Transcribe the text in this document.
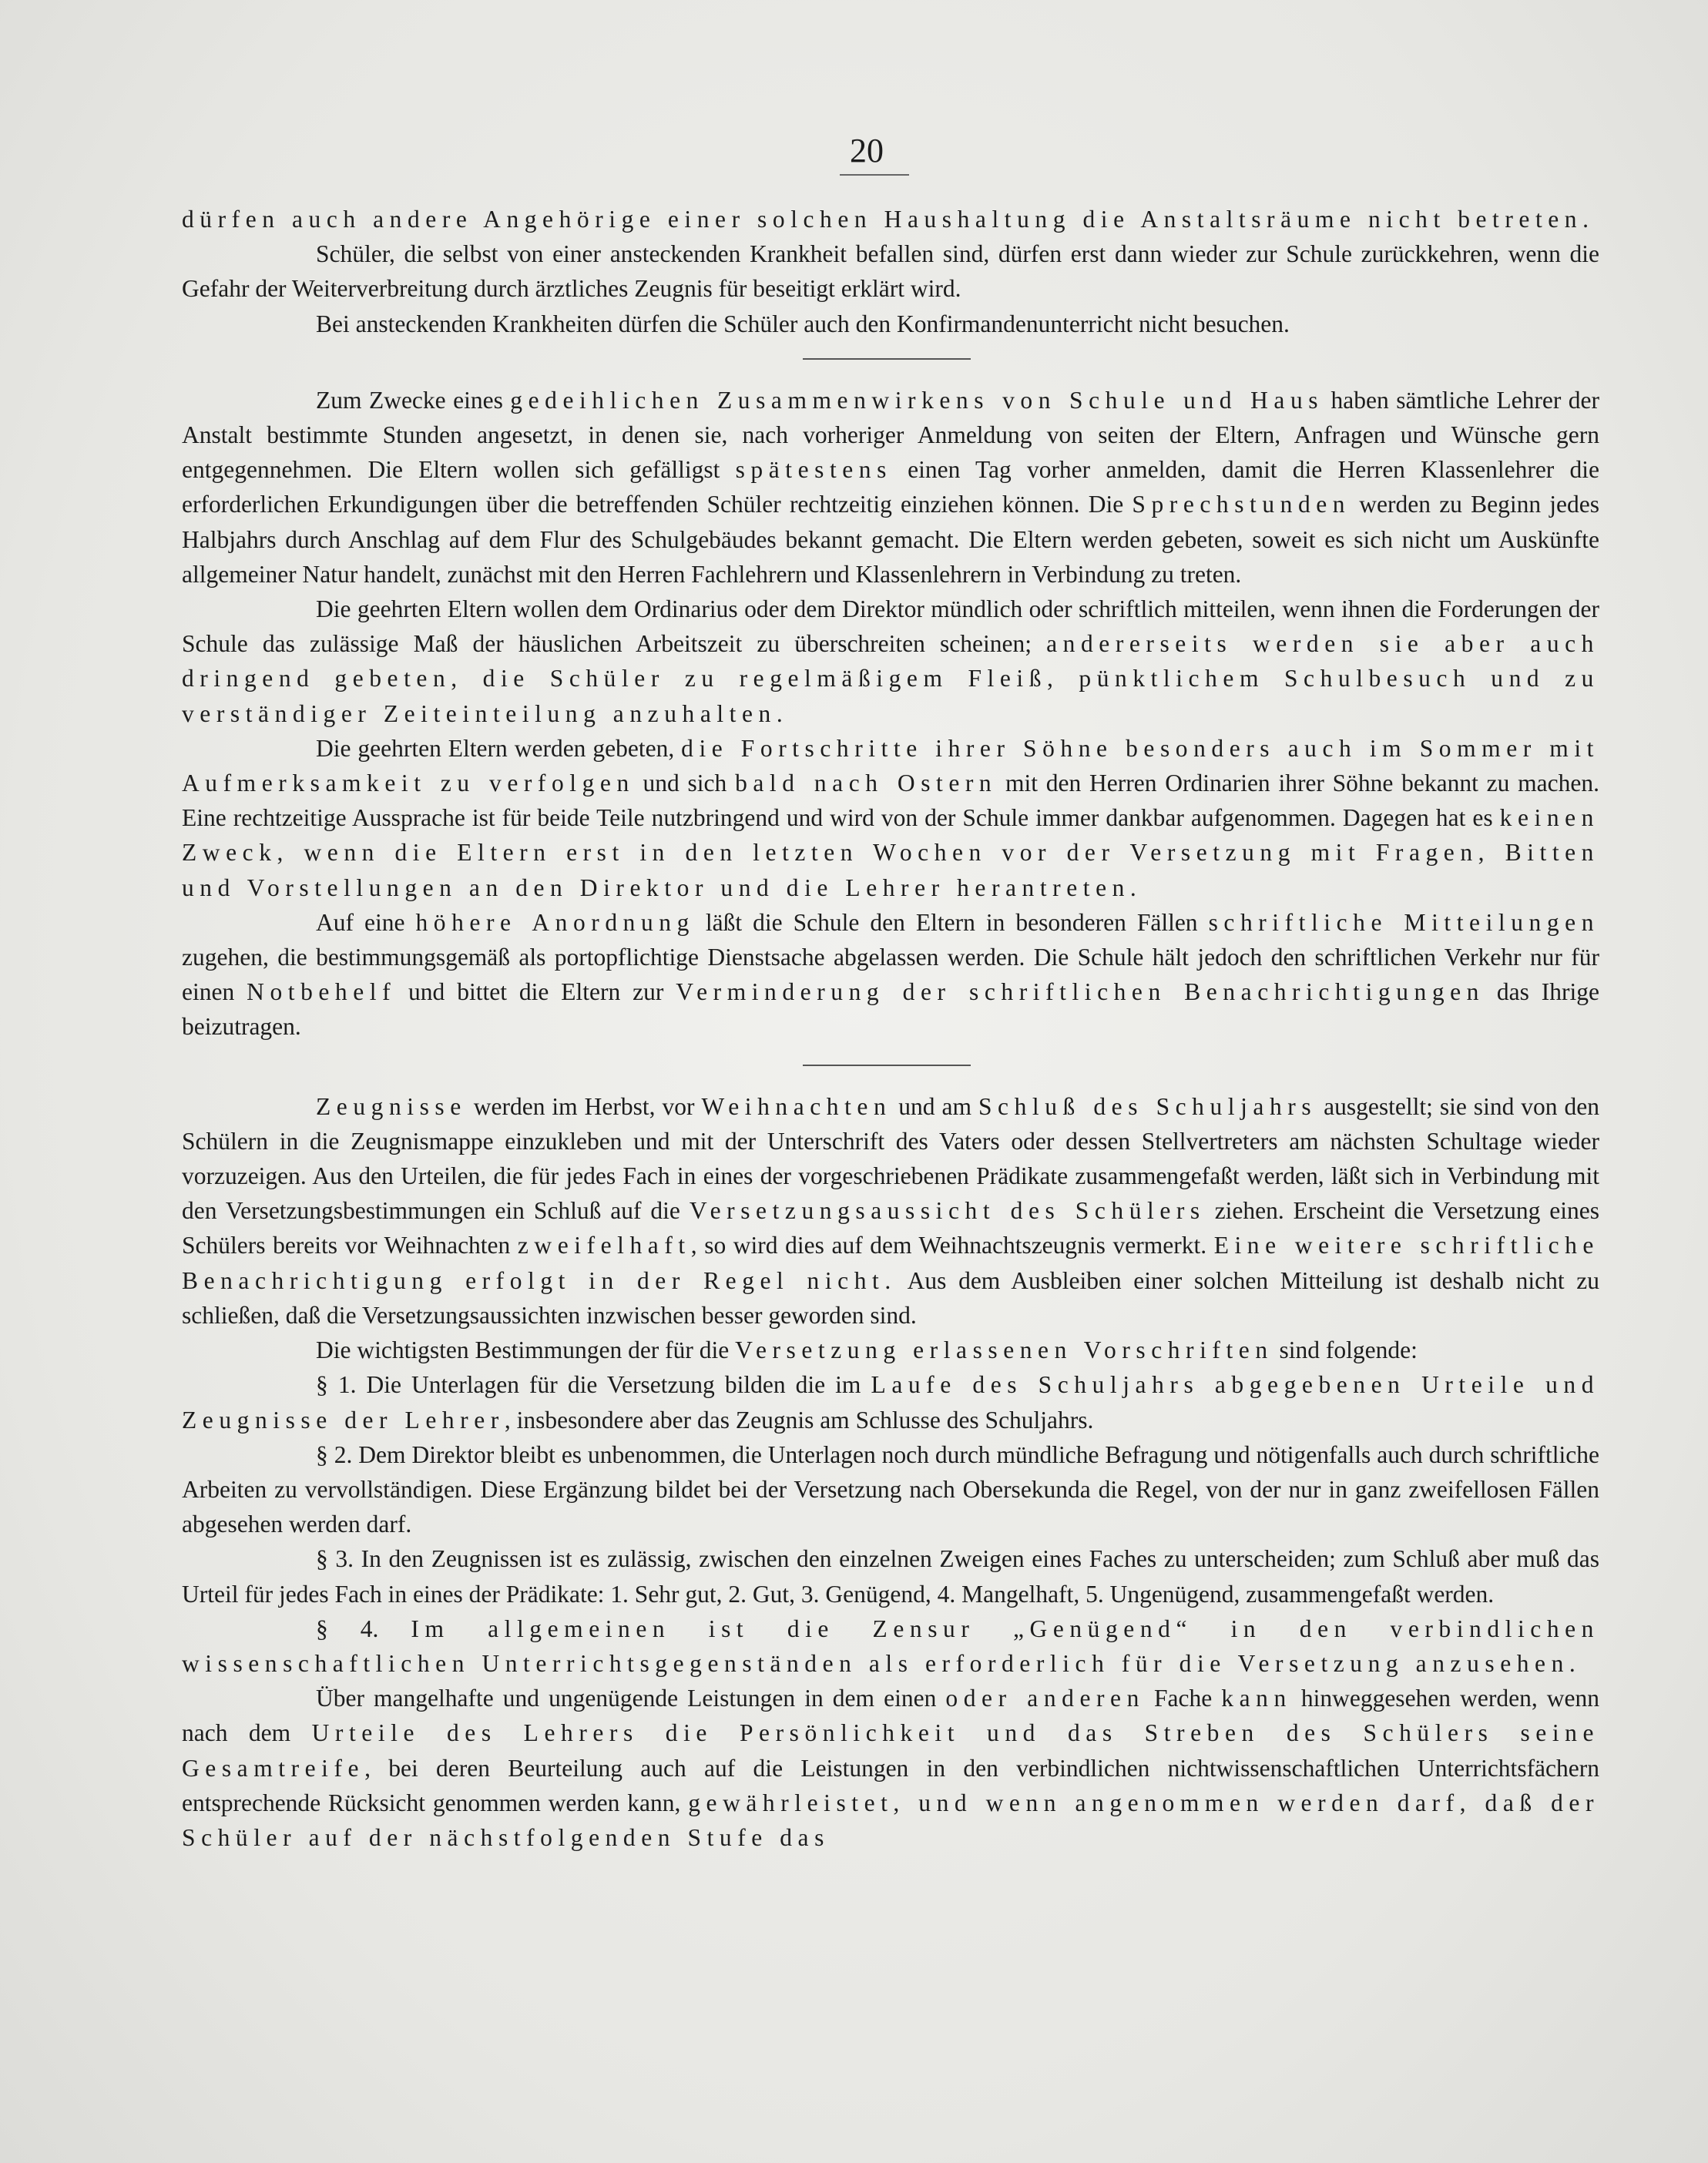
20

dürfen auch andere Angehörige einer solchen Haushaltung die Anstaltsräume nicht betreten.

Schüler, die selbst von einer ansteckenden Krankheit befallen sind, dürfen erst dann wieder zur Schule zurückkehren, wenn die Gefahr der Weiterverbreitung durch ärztliches Zeugnis für beseitigt erklärt wird.

Bei ansteckenden Krankheiten dürfen die Schüler auch den Konfirmandenunterricht nicht besuchen.

Zum Zwecke eines gedeihlichen Zusammenwirkens von Schule und Haus haben sämtliche Lehrer der Anstalt bestimmte Stunden angesetzt, in denen sie, nach vorheriger Anmeldung von seiten der Eltern, Anfragen und Wünsche gern entgegennehmen. Die Eltern wollen sich gefälligst spätestens einen Tag vorher anmelden, damit die Herren Klassenlehrer die erforderlichen Erkundigungen über die betreffenden Schüler rechtzeitig einziehen können. Die Sprechstunden werden zu Beginn jedes Halbjahrs durch Anschlag auf dem Flur des Schulgebäudes bekannt gemacht. Die Eltern werden gebeten, soweit es sich nicht um Auskünfte allgemeiner Natur handelt, zunächst mit den Herren Fachlehrern und Klassenlehrern in Verbindung zu treten.

Die geehrten Eltern wollen dem Ordinarius oder dem Direktor mündlich oder schriftlich mitteilen, wenn ihnen die Forderungen der Schule das zulässige Maß der häuslichen Arbeitszeit zu überschreiten scheinen; andererseits werden sie aber auch dringend gebeten, die Schüler zu regelmäßigem Fleiß, pünktlichem Schulbesuch und zu verständiger Zeiteinteilung anzuhalten.

Die geehrten Eltern werden gebeten, die Fortschritte ihrer Söhne besonders auch im Sommer mit Aufmerksamkeit zu verfolgen und sich bald nach Ostern mit den Herren Ordinarien ihrer Söhne bekannt zu machen. Eine rechtzeitige Aussprache ist für beide Teile nutzbringend und wird von der Schule immer dankbar aufgenommen. Dagegen hat es keinen Zweck, wenn die Eltern erst in den letzten Wochen vor der Versetzung mit Fragen, Bitten und Vorstellungen an den Direktor und die Lehrer herantreten.

Auf eine höhere Anordnung läßt die Schule den Eltern in besonderen Fällen schriftliche Mitteilungen zugehen, die bestimmungsgemäß als portopflichtige Dienstsache abgelassen werden. Die Schule hält jedoch den schriftlichen Verkehr nur für einen Notbehelf und bittet die Eltern zur Verminderung der schriftlichen Benachrichtigungen das Ihrige beizutragen.

Zeugnisse werden im Herbst, vor Weihnachten und am Schluß des Schuljahrs ausgestellt; sie sind von den Schülern in die Zeugnismappe einzukleben und mit der Unterschrift des Vaters oder dessen Stellvertreters am nächsten Schultage wieder vorzuzeigen. Aus den Urteilen, die für jedes Fach in eines der vorgeschriebenen Prädikate zusammengefaßt werden, läßt sich in Verbindung mit den Versetzungsbestimmungen ein Schluß auf die Versetzungsaussicht des Schülers ziehen. Erscheint die Versetzung eines Schülers bereits vor Weihnachten zweifelhaft, so wird dies auf dem Weihnachtszeugnis vermerkt. Eine weitere schriftliche Benachrichtigung erfolgt in der Regel nicht. Aus dem Ausbleiben einer solchen Mitteilung ist deshalb nicht zu schließen, daß die Versetzungsaussichten inzwischen besser geworden sind.

Die wichtigsten Bestimmungen der für die Versetzung erlassenen Vorschriften sind folgende:

§ 1. Die Unterlagen für die Versetzung bilden die im Laufe des Schuljahrs abgegebenen Urteile und Zeugnisse der Lehrer, insbesondere aber das Zeugnis am Schlusse des Schuljahrs.

§ 2. Dem Direktor bleibt es unbenommen, die Unterlagen noch durch mündliche Befragung und nötigenfalls auch durch schriftliche Arbeiten zu vervollständigen. Diese Ergänzung bildet bei der Versetzung nach Obersekunda die Regel, von der nur in ganz zweifellosen Fällen abgesehen werden darf.

§ 3. In den Zeugnissen ist es zulässig, zwischen den einzelnen Zweigen eines Faches zu unterscheiden; zum Schluß aber muß das Urteil für jedes Fach in eines der Prädikate: 1. Sehr gut, 2. Gut, 3. Genügend, 4. Mangelhaft, 5. Ungenügend, zusammengefaßt werden.

§ 4. Im allgemeinen ist die Zensur „Genügend“ in den verbindlichen wissenschaftlichen Unterrichtsgegenständen als erforderlich für die Versetzung anzusehen.

Über mangelhafte und ungenügende Leistungen in dem einen oder anderen Fache kann hinweggesehen werden, wenn nach dem Urteile des Lehrers die Persönlichkeit und das Streben des Schülers seine Gesamtreife, bei deren Beurteilung auch auf die Leistungen in den verbindlichen nichtwissenschaftlichen Unterrichtsfächern entsprechende Rücksicht genommen werden kann, gewährleistet, und wenn angenommen werden darf, daß der Schüler auf der nächstfolgenden Stufe das
